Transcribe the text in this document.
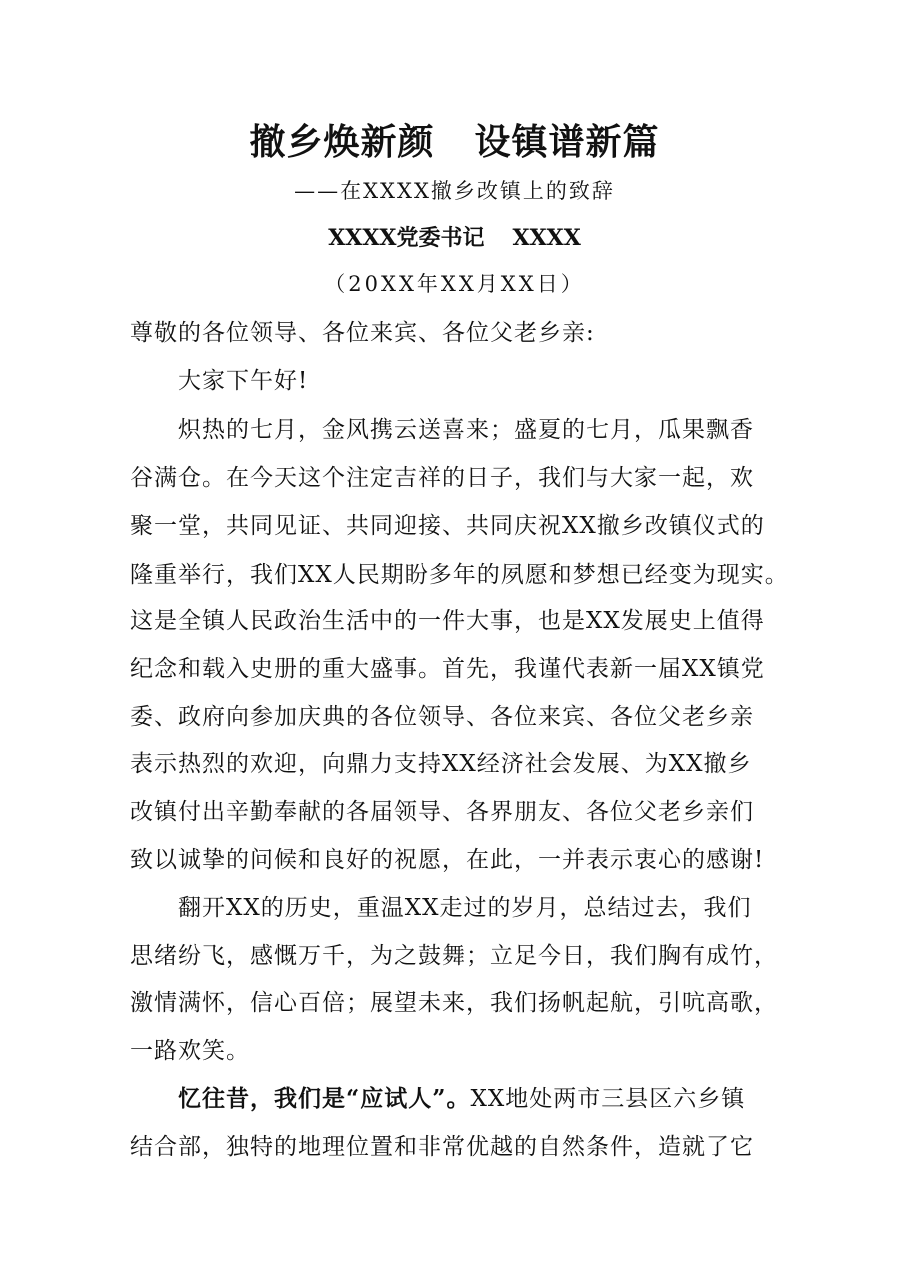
撤乡焕新颜 设镇谱新篇
——在XXXX撤乡改镇上的致辞
XXXX党委书记 XXXX
（20XX年XX月XX日）
尊敬的各位领导、各位来宾、各位父老乡亲:
大家下午好!
炽热的七月，金风携云送喜来；盛夏的七月，瓜果飘香
谷满仓。在今天这个注定吉祥的日子，我们与大家一起，欢
聚一堂，共同见证、共同迎接、共同庆祝XX撤乡改镇仪式的
隆重举行，我们XX人民期盼多年的夙愿和梦想已经变为现实。
这是全镇人民政治生活中的一件大事，也是XX发展史上值得
纪念和载入史册的重大盛事。首先，我谨代表新一届XX镇党
委、政府向参加庆典的各位领导、各位来宾、各位父老乡亲
表示热烈的欢迎，向鼎力支持XX经济社会发展、为XX撤乡
改镇付出辛勤奉献的各届领导、各界朋友、各位父老乡亲们
致以诚挚的问候和良好的祝愿，在此，一并表示衷心的感谢!
翻开XX的历史，重温XX走过的岁月，总结过去，我们
思绪纷飞，感慨万千，为之鼓舞；立足今日，我们胸有成竹，
激情满怀，信心百倍；展望未来，我们扬帆起航，引吭高歌，
一路欢笑。
忆往昔，我们是“应试人”。XX地处两市三县区六乡镇
结合部，独特的地理位置和非常优越的自然条件，造就了它
